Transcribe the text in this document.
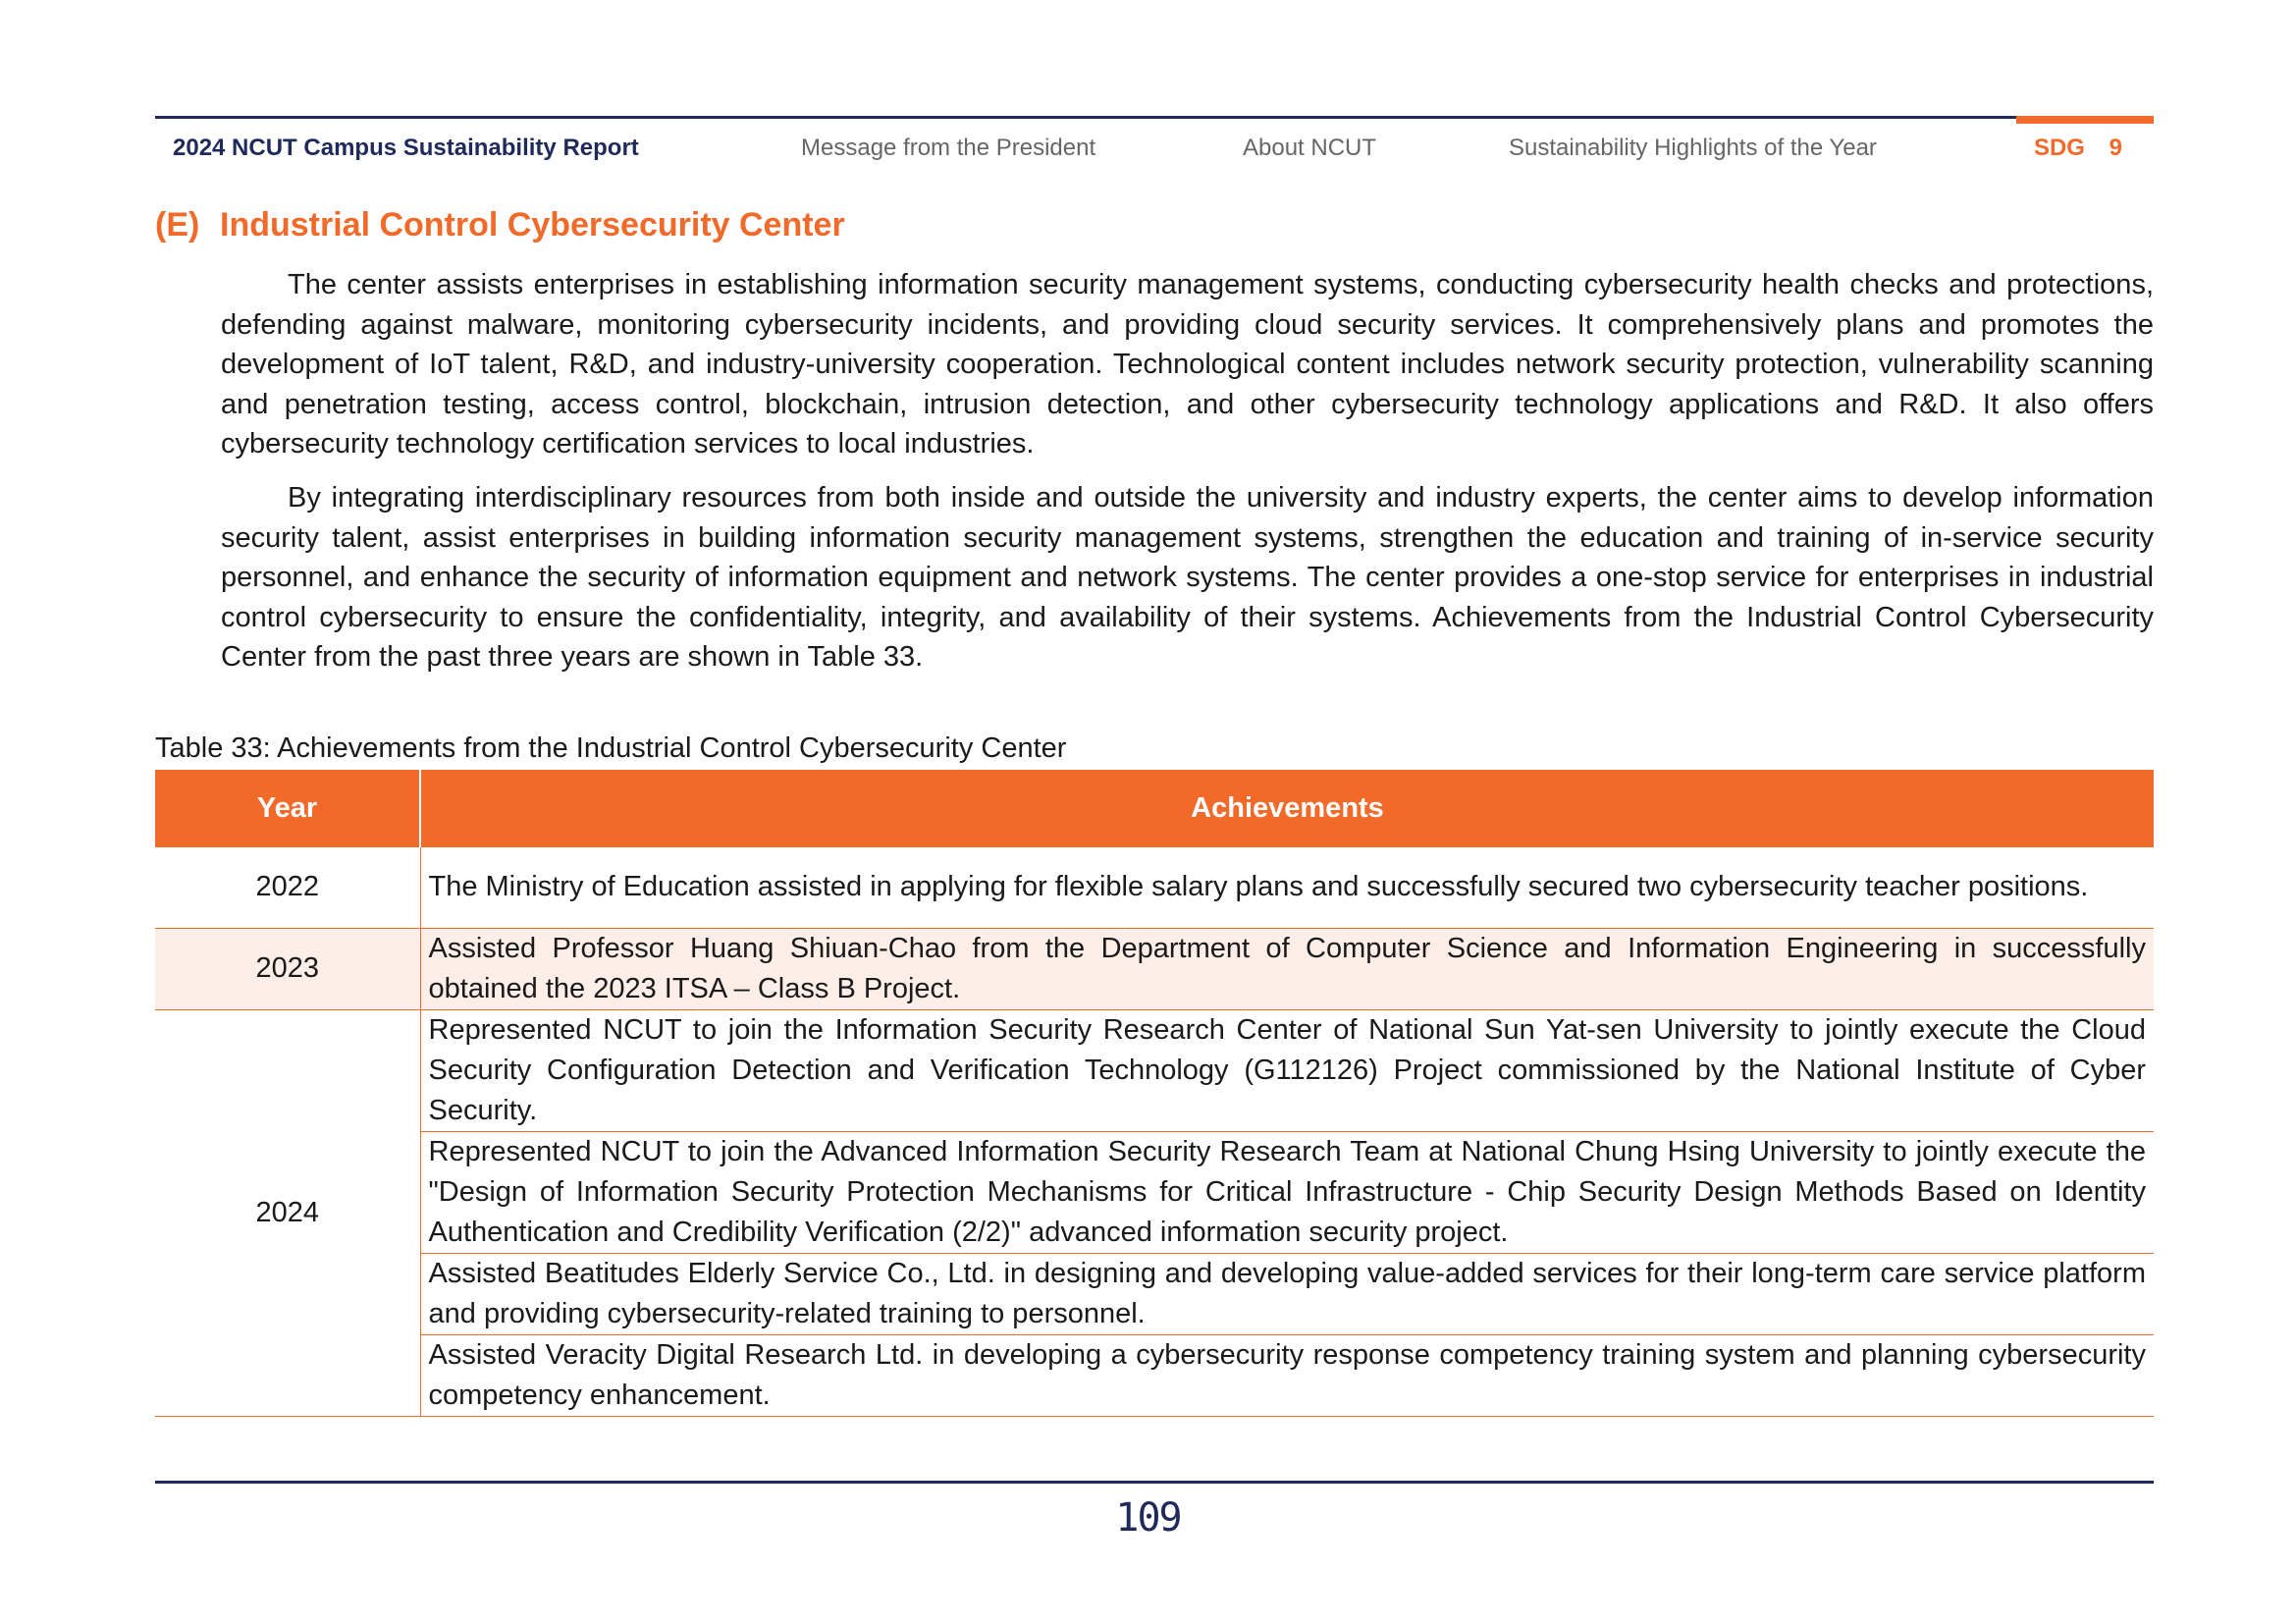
2024 NCUT Campus Sustainability Report	Message from the President	About NCUT	Sustainability Highlights of the Year	SDG 9
(E) Industrial Control Cybersecurity Center

The center assists enterprises in establishing information security management systems, conducting cybersecurity health checks and protections, defending against malware, monitoring cybersecurity incidents, and providing cloud security services. It comprehensively plans and promotes the development of IoT talent, R&D, and industry-university cooperation. Technological content includes network security protection, vulnerability scanning and penetration testing, access control, blockchain, intrusion detection, and other cybersecurity technology applications and R&D. It also offers cybersecurity technology certification services to local industries.

By integrating interdisciplinary resources from both inside and outside the university and industry experts, the center aims to develop information security talent, assist enterprises in building information security management systems, strengthen the education and training of in-service security personnel, and enhance the security of information equipment and network systems. The center provides a one-stop service for enterprises in industrial control cybersecurity to ensure the confidentiality, integrity, and availability of their systems. Achievements from the Industrial Control Cybersecurity Center from the past three years are shown in Table 33.

Table 33: Achievements from the Industrial Control Cybersecurity Center
Year	Achievements
2022	The Ministry of Education assisted in applying for flexible salary plans and successfully secured two cybersecurity teacher positions.
2023	Assisted Professor Huang Shiuan-Chao from the Department of Computer Science and Information Engineering in successfully obtained the 2023 ITSA – Class B Project.
2024	Represented NCUT to join the Information Security Research Center of National Sun Yat-sen University to jointly execute the Cloud Security Configuration Detection and Verification Technology (G112126) Project commissioned by the National Institute of Cyber Security.
	Represented NCUT to join the Advanced Information Security Research Team at National Chung Hsing University to jointly execute the "Design of Information Security Protection Mechanisms for Critical Infrastructure - Chip Security Design Methods Based on Identity Authentication and Credibility Verification (2/2)" advanced information security project.
	Assisted Beatitudes Elderly Service Co., Ltd. in designing and developing value-added services for their long-term care service platform and providing cybersecurity-related training to personnel.
	Assisted Veracity Digital Research Ltd. in developing a cybersecurity response competency training system and planning cybersecurity competency enhancement.
109
